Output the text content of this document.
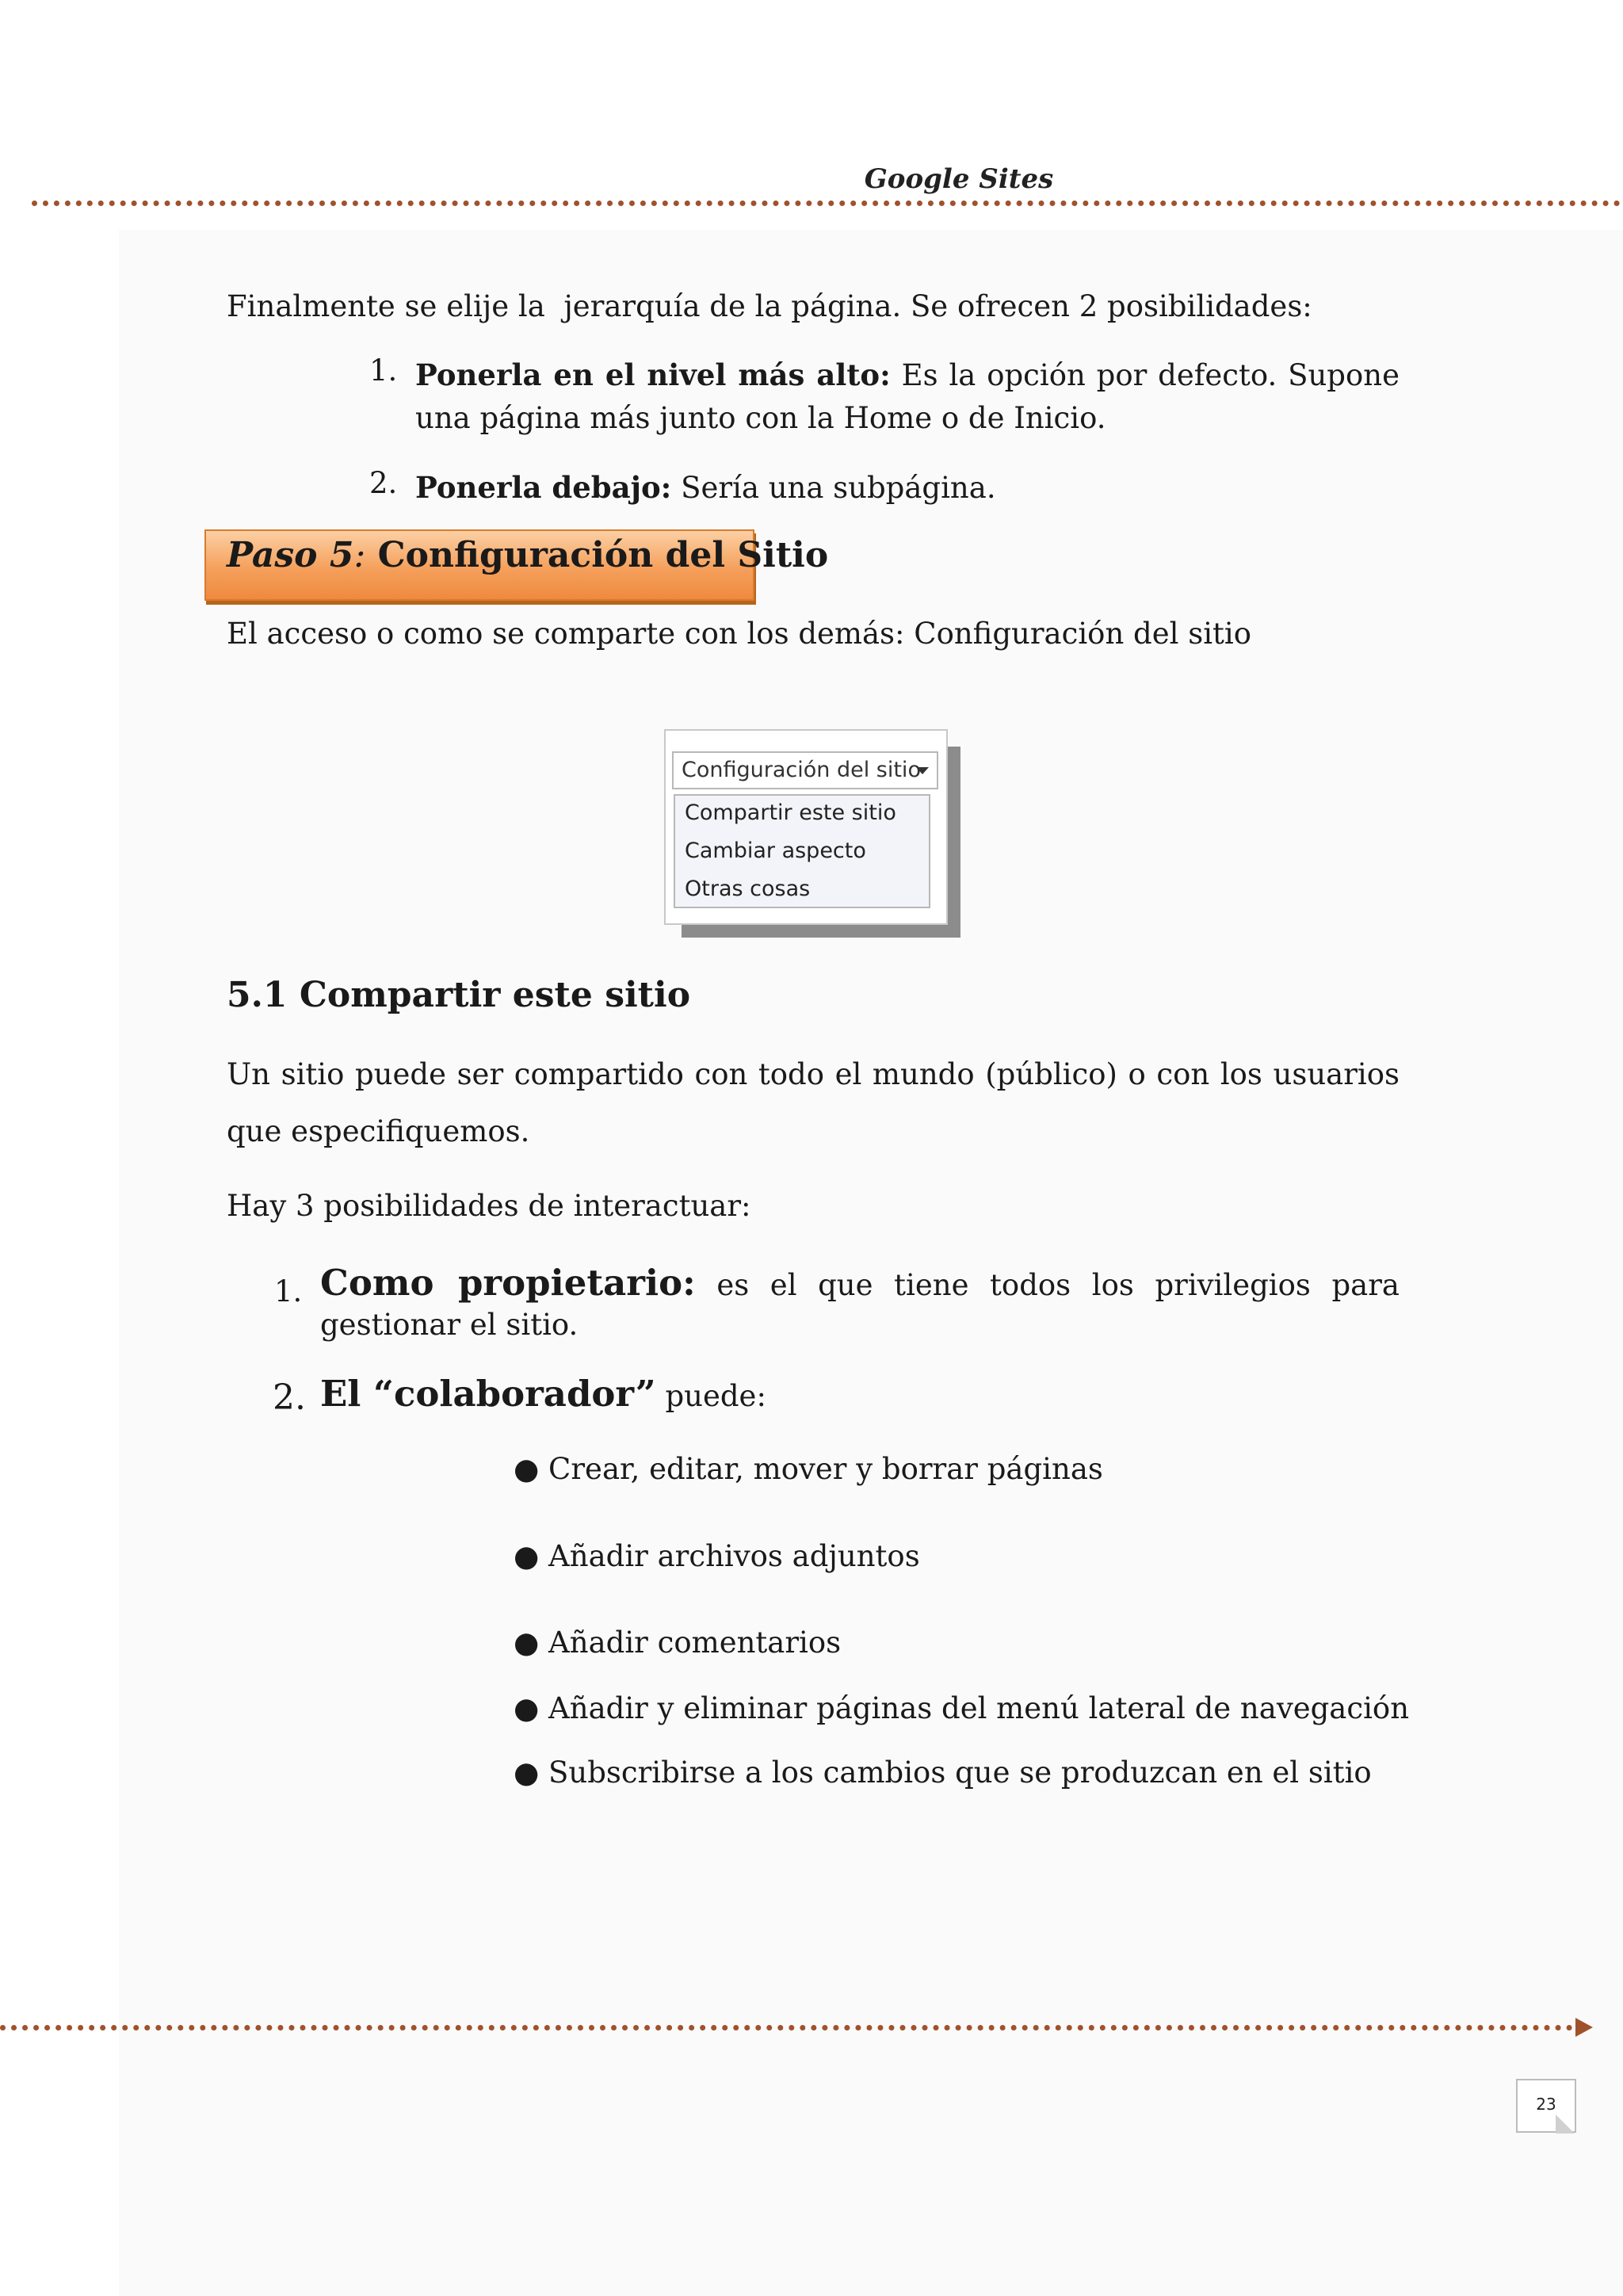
Google Sites
Finalmente se elije la  jerarquía de la página. Se ofrecen 2 posibilidades:
1. Ponerla en el nivel más alto: Es la opción por defecto. Supone una página más junto con la Home o de Inicio.
2. Ponerla debajo: Sería una subpágina.
Paso 5: Configuración del Sitio
El acceso o como se comparte con los demás: Configuración del sitio
Configuración del sitio
Compartir este sitio
Cambiar aspecto
Otras cosas
5.1 Compartir este sitio
Un sitio puede ser compartido con todo el mundo (público) o con los usuarios que especifiquemos.
Hay 3 posibilidades de interactuar:
1. Como propietario: es el que tiene todos los privilegios para gestionar el sitio.
2. El “colaborador” puede:
● Crear, editar, mover y borrar páginas
● Añadir archivos adjuntos
● Añadir comentarios
● Añadir y eliminar páginas del menú lateral de navegación
● Subscribirse a los cambios que se produzcan en el sitio
23
